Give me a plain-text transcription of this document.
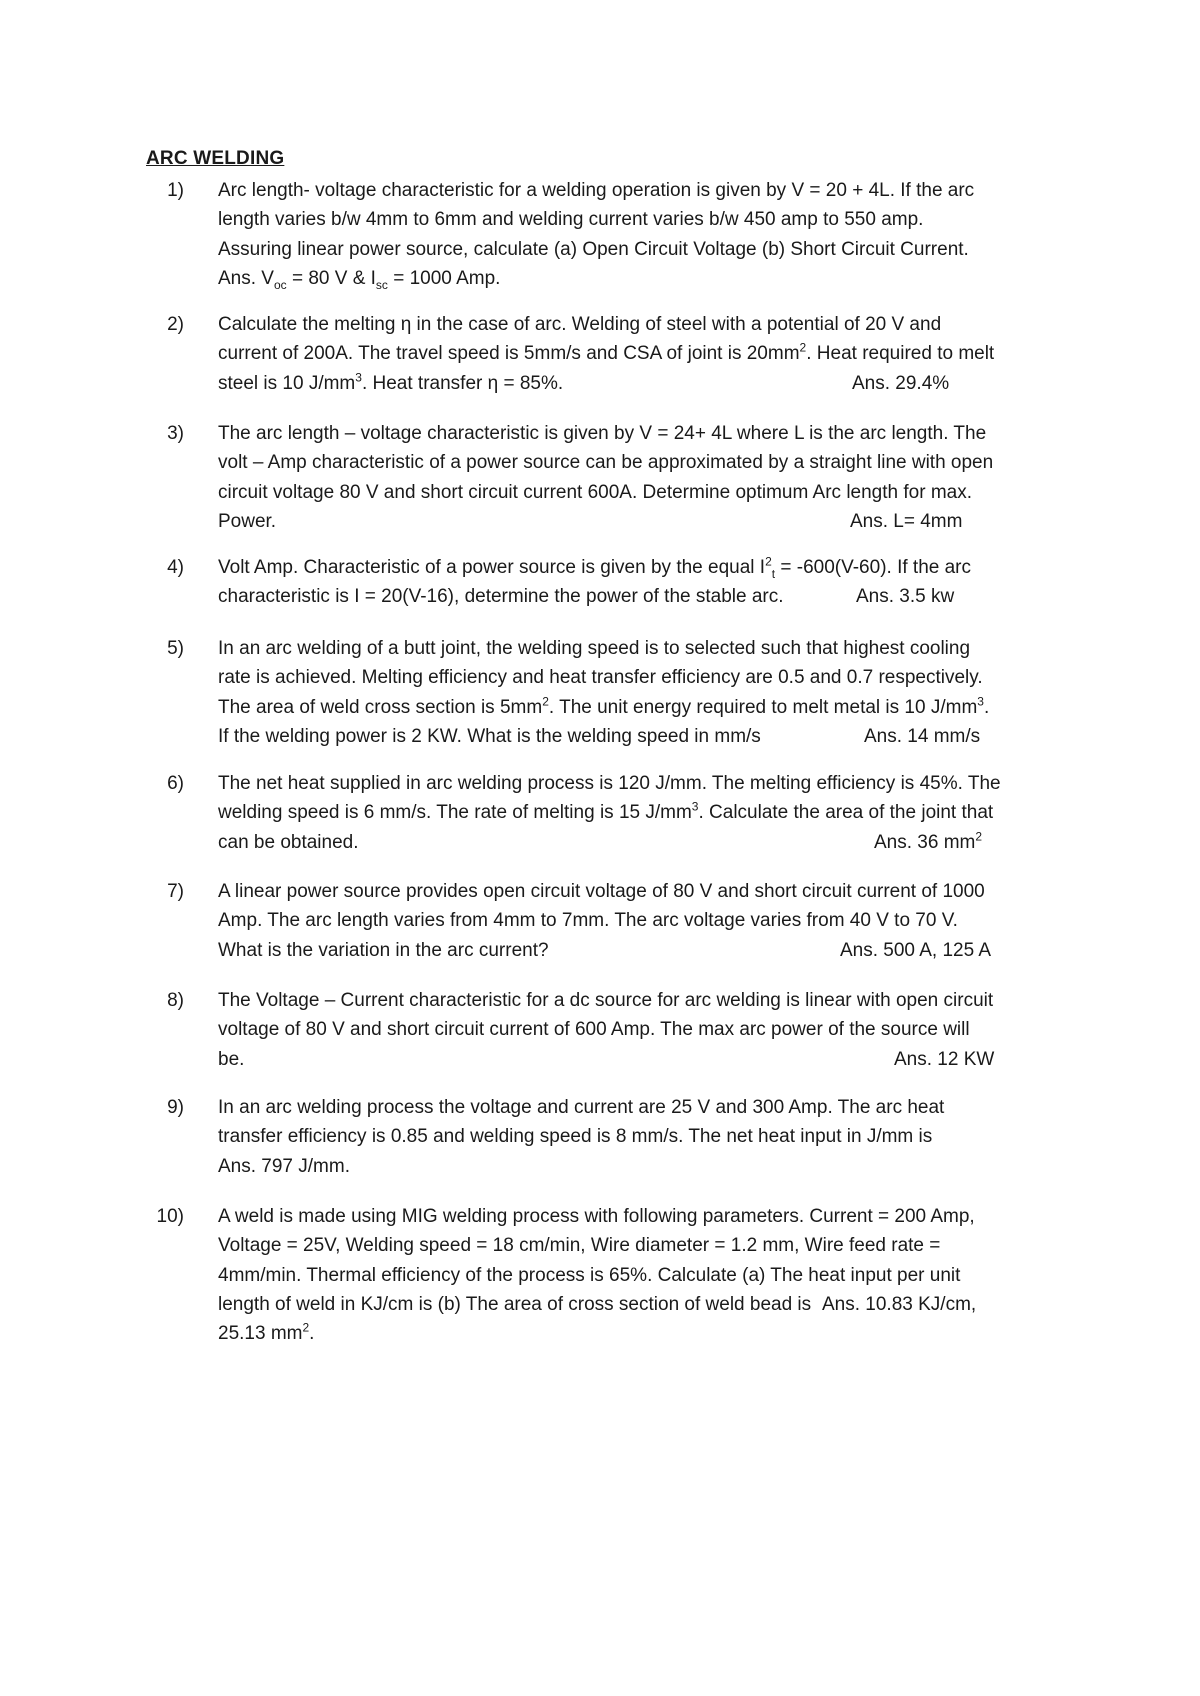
ARC WELDING
1) Arc length- voltage characteristic for a welding operation is given by V = 20 + 4L. If the arc
length varies b/w 4mm to 6mm and welding current varies b/w 450 amp to 550 amp.
Assuring linear power source, calculate (a) Open Circuit Voltage (b) Short Circuit Current.
Ans. $V_{oc} = 80$ V & $I_{sc} = 1000$ Amp.
2) Calculate the melting η in the case of arc. Welding of steel with a potential of 20 V and
current of 200A. The travel speed is 5mm/s and CSA of joint is $20mm^2$. Heat required to melt
steel is 10 $J/mm^3$. Heat transfer η = 85%.	Ans. 29.4%
3) The arc length – voltage characteristic is given by V = 24+ 4L where L is the arc length. The
volt – Amp characteristic of a power source can be approximated by a straight line with open
circuit voltage 80 V and short circuit current 600A. Determine optimum Arc length for max.
Power.	Ans. L= 4mm
4) Volt Amp. Characteristic of a power source is given by the equal $I^2_t = -600(V-60)$. If the arc
characteristic is I = 20(V-16), determine the power of the stable arc.	Ans. 3.5 kw
5) In an arc welding of a butt joint, the welding speed is to selected such that highest cooling
rate is achieved. Melting efficiency and heat transfer efficiency are 0.5 and 0.7 respectively.
The area of weld cross section is $5mm^2$. The unit energy required to melt metal is 10 $J/mm^3$.
If the welding power is 2 KW. What is the welding speed in mm/s	Ans. 14 mm/s
6) The net heat supplied in arc welding process is 120 J/mm. The melting efficiency is 45%. The
welding speed is 6 mm/s. The rate of melting is 15 $J/mm^3$. Calculate the area of the joint that
can be obtained.	Ans. 36 $mm^2$
7) A linear power source provides open circuit voltage of 80 V and short circuit current of 1000
Amp. The arc length varies from 4mm to 7mm. The arc voltage varies from 40 V to 70 V.
What is the variation in the arc current?	Ans. 500 A, 125 A
8) The Voltage – Current characteristic for a dc source for arc welding is linear with open circuit
voltage of 80 V and short circuit current of 600 Amp. The max arc power of the source will
be.	Ans. 12 KW
9) In an arc welding process the voltage and current are 25 V and 300 Amp. The arc heat
transfer efficiency is 0.85 and welding speed is 8 mm/s. The net heat input in J/mm is
Ans. 797 J/mm.
10) A weld is made using MIG welding process with following parameters. Current = 200 Amp,
Voltage = 25V, Welding speed = 18 cm/min, Wire diameter = 1.2 mm, Wire feed rate =
4mm/min. Thermal efficiency of the process is 65%. Calculate (a) The heat input per unit
length of weld in KJ/cm is (b) The area of cross section of weld bead is Ans. 10.83 KJ/cm,
25.13 $mm^2$.
